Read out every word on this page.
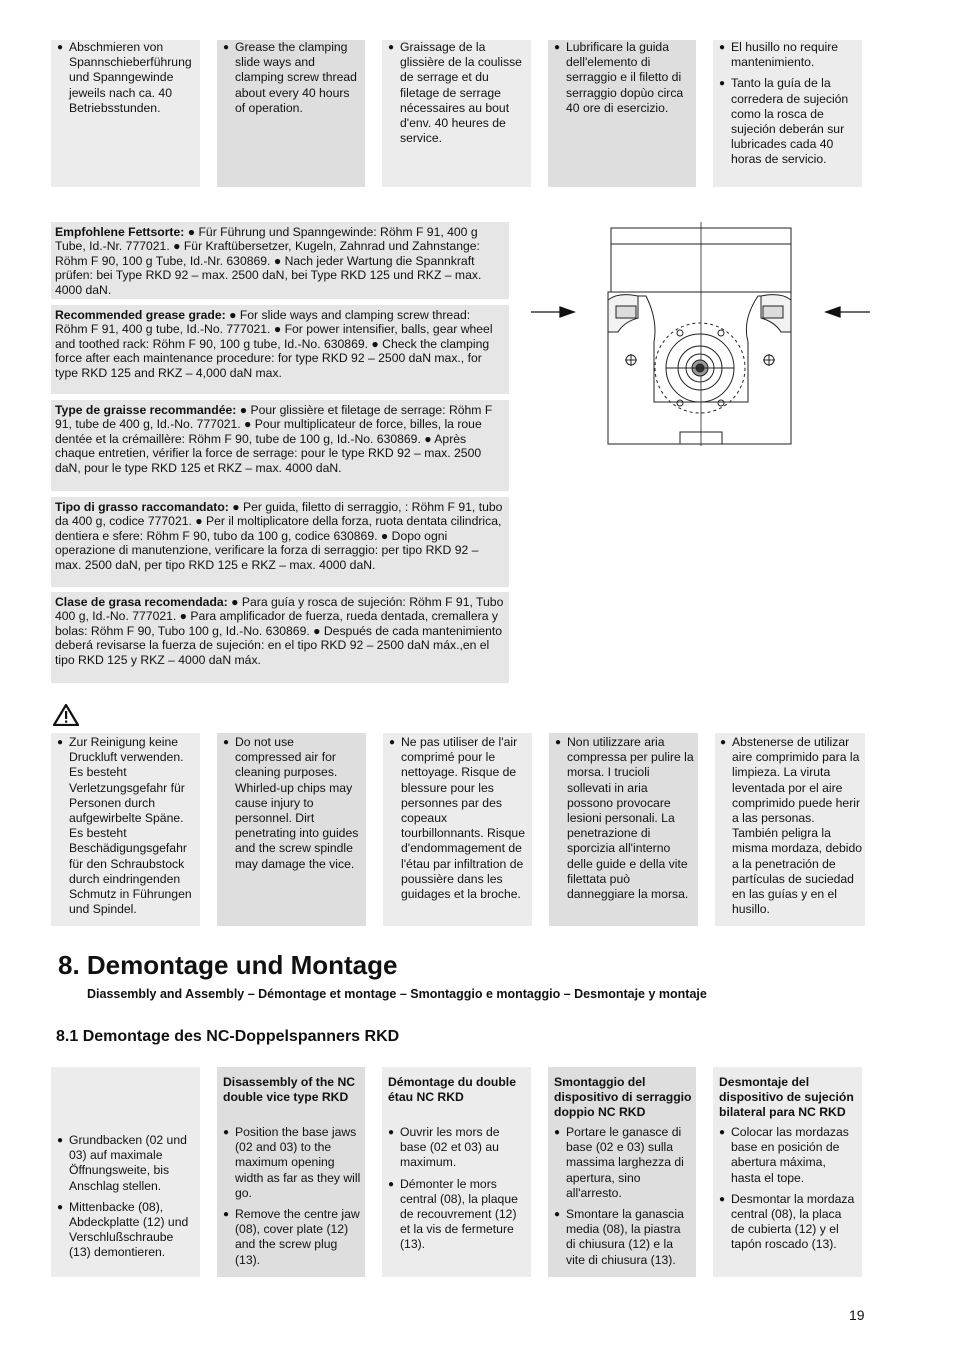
● Abschmieren von Spannschieberführung und Spanngewinde jeweils nach ca. 40 Betriebsstunden.
● Grease the clamping slide ways and clamping screw thread about every 40 hours of operation.
● Graissage de la glissière de la coulisse de serrage et du filetage de serrage nécessaires au bout d'env. 40 heures de service.
● Lubrificare la guida dell'elemento di serraggio e il filetto di serraggio dopùo circa 40 ore di esercizio.
● El husillo no require mantenimiento.
● Tanto la guía de la corredera de sujeción como la rosca de sujeción deberán sur lubricades cada 40 horas de servicio.
Empfohlene Fettsorte: ● Für Führung und Spanngewinde: Röhm F 91, 400 g Tube, Id.-Nr. 777021. ● Für Kraftübersetzer, Kugeln, Zahnrad und Zahnstange: Röhm F 90, 100 g Tube, Id.-Nr. 630869. ● Nach jeder Wartung die Spannkraft prüfen: bei Type RKD 92 – max. 2500 daN, bei Type RKD 125 und RKZ – max. 4000 daN.
Recommended grease grade: ● For slide ways and clamping screw thread: Röhm F 91, 400 g tube, Id.-No. 777021. ● For power intensifier, balls, gear wheel and toothed rack: Röhm F 90, 100 g tube, Id.-No. 630869. ● Check the clamping force after each maintenance procedure: for type RKD 92 – 2500 daN max., for type RKD 125 and RKZ – 4,000 daN max.
Type de graisse recommandée: ● Pour glissière et filetage de serrage: Röhm F 91, tube de 400 g, Id.-No. 777021. ● Pour multiplicateur de force, billes, la roue dentée et la crémaillère: Röhm F 90, tube de 100 g, Id.-No. 630869. ● Après chaque entretien, vérifier la force de serrage: pour le type RKD 92 – max. 2500 daN, pour le type RKD 125 et RKZ – max. 4000 daN.
Tipo di grasso raccomandato: ● Per guida, filetto di serraggio, : Röhm F 91, tubo da 400 g, codice 777021. ● Per il moltiplicatore della forza, ruota dentata cilindrica, dentiera e sfere: Röhm F 90, tubo da 100 g, codice 630869. ● Dopo ogni operazione di manutenzione, verificare la forza di serraggio: per tipo RKD 92 – max. 2500 daN, per tipo RKD 125 e RKZ – max. 4000 daN.
Clase de grasa recomendada: ● Para guía y rosca de sujeción: Röhm F 91, Tubo 400 g, Id.-No. 777021. ● Para amplificador de fuerza, rueda dentada, cremallera y bolas: Röhm F 90, Tubo 100 g, Id.-No. 630869. ● Después de cada mantenimiento deberá revisarse la fuerza de sujeción: en el tipo RKD 92 – 2500 daN máx.,en el tipo RKD 125 y RKZ – 4000 daN máx.
● Zur Reinigung keine Druckluft verwenden. Es besteht Verletzungsgefahr für Personen durch aufgewirbelte Späne. Es besteht Beschädigungsgefahr für den Schraubstock durch eindringenden Schmutz in Führungen und Spindel.
● Do not use compressed air for cleaning purposes. Whirled-up chips may cause injury to personnel. Dirt penetrating into guides and the screw spindle may damage the vice.
● Ne pas utiliser de l'air comprimé pour le nettoyage. Risque de blessure pour les personnes par des copeaux tourbillonnants. Risque d'endommagement de l'étau par infiltration de poussière dans les guidages et la broche.
● Non utilizzare aria compressa per pulire la morsa. I trucioli sollevati in aria possono provocare lesioni personali. La penetrazione di sporcizia all'interno delle guide e della vite filettata può danneggiare la morsa.
● Abstenerse de utilizar aire comprimido para la limpieza. La viruta leventada por el aire comprimido puede herir a las personas. También peligra la misma mordaza, debido a la penetración de partículas de suciedad en las guías y en el husillo.
8. Demontage und Montage
Diassembly and Assembly – Démontage et montage – Smontaggio e montaggio – Desmontaje y montaje
8.1 Demontage des NC-Doppelspanners RKD
● Grundbacken (02 und 03) auf maximale Öffnungsweite, bis Anschlag stellen.
● Mittenbacke (08), Abdeckplatte (12) und Verschlußschraube (13) demontieren.
Disassembly of the NC double vice type RKD
● Position the base jaws (02 and 03) to the maximum opening width as far as they will go.
● Remove the centre jaw (08), cover plate (12) and the screw plug (13).
Démontage du double étau NC RKD
● Ouvrir les mors de base (02 et 03) au maximum.
● Démonter le mors central (08), la plaque de recouvrement (12) et la vis de fermeture (13).
Smontaggio del dispositivo di serraggio doppio NC RKD
● Portare le ganasce di base (02 e 03) sulla massima larghezza di apertura, sino all'arresto.
● Smontare la ganascia media (08), la piastra di chiusura (12) e la vite di chiusura (13).
Desmontaje del dispositivo de sujeción bilateral para NC RKD
● Colocar las mordazas base en posición de abertura máxima, hasta el tope.
● Desmontar la mordaza central (08), la placa de cubierta (12) y el tapón roscado (13).
19
